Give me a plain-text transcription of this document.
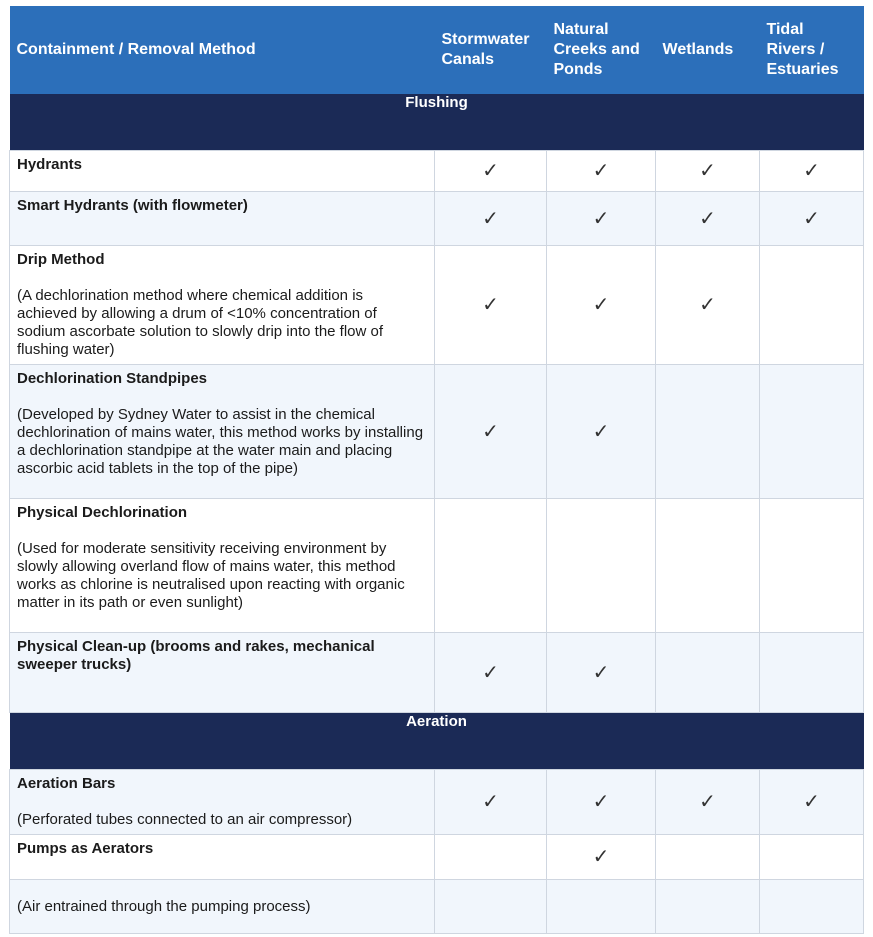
Containment / Removal Method	Stormwater Canals	Natural Creeks and Ponds	Wetlands	Tidal Rivers / Estuaries
Flushing				

Hydrants	✓	✓	✓	✓

Smart Hydrants (with flowmeter)	✓	✓	✓	✓

Drip Method
(A dechlorination method where chemical addition is achieved by allowing a drum of <10% concentration of sodium ascorbate solution to slowly drip into the flow of flushing water)	✓	✓	✓	

Dechlorination Standpipes
(Developed by Sydney Water to assist in the chemical dechlorination of mains water, this method works by installing a dechlorination standpipe at the water main and placing ascorbic acid tablets in the top of the pipe)	✓	✓		

Physical Dechlorination
(Used for moderate sensitivity receiving environment by slowly allowing overland flow of mains water, this method works as chlorine is neutralised upon reacting with organic matter in its path or even sunlight)				

Physical Clean-up (brooms and rakes, mechanical sweeper trucks)	✓	✓		
Aeration				

Aeration Bars
(Perforated tubes connected to an air compressor)	✓	✓	✓	✓

Pumps as Aerators		✓		

(Air entrained through the pumping process)				
